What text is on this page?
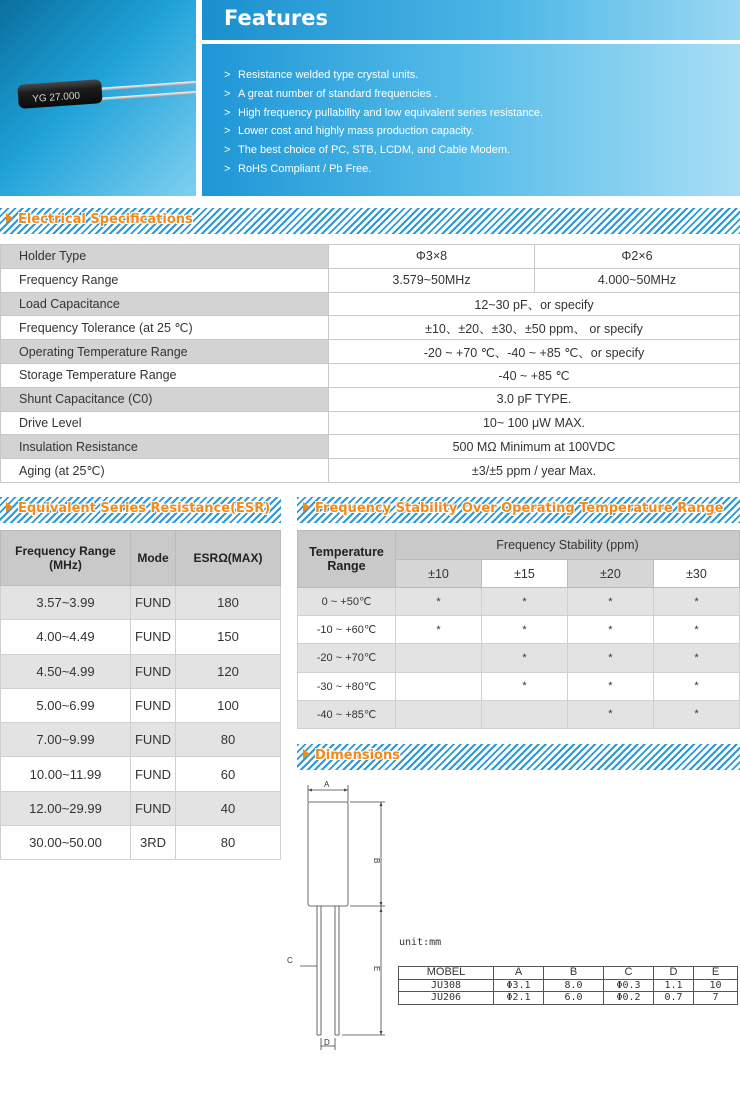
YG 27.000
Features
> Resistance welded type crystal units.
> A great number of standard frequencies .
> High frequency pullability and low equivalent series resistance.
> Lower cost and highly mass production capacity.
> The best choice of PC, STB, LCDM, and Cable Modem.
> RoHS Compliant / Pb Free.
Electrical Specifications
Holder Type	Φ3×8	Φ2×6
Frequency Range	3.579~50MHz	4.000~50MHz
Load Capacitance	12~30 pF、or specify	
Frequency Tolerance (at 25 ℃)	±10、±20、±30、±50 ppm、 or specify	
Operating Temperature Range	-20 ~ +70 ℃、-40 ~ +85 ℃、or specify	
Storage Temperature Range	-40 ~ +85 ℃	
Shunt Capacitance (C0)	3.0 pF TYPE.	
Drive Level	10~ 100 μW MAX.	
Insulation Resistance	500 MΩ Minimum at 100VDC	
Aging (at 25℃)	±3/±5 ppm / year Max.	
Equivalent Series Resistance(ESR)
Frequency Range (MHz)	Mode	ESRΩ(MAX)
3.57~3.99	FUND	180
4.00~4.49	FUND	150
4.50~4.99	FUND	120
5.00~6.99	FUND	100
7.00~9.99	FUND	80
10.00~11.99	FUND	60
12.00~29.99	FUND	40
30.00~50.00	3RD	80
Frequency Stability Over Operating Temperature Range
Temperature Range	Frequency Stability (ppm)			
	±10	±15	±20	±30
0 ~ +50℃	*	*	*	*
-10 ~ +60℃	*	*	*	*
-20 ~ +70℃		*	*	*
-30 ~ +80℃		*	*	*
-40 ~ +85℃			*	*
Dimensions
A
B
C
D
E
unit:mm
MOBEL	A	B	C	D	E
JU308	Φ3.1	8.0	Φ0.3	1.1	10
JU206	Φ2.1	6.0	Φ0.2	0.7	7
